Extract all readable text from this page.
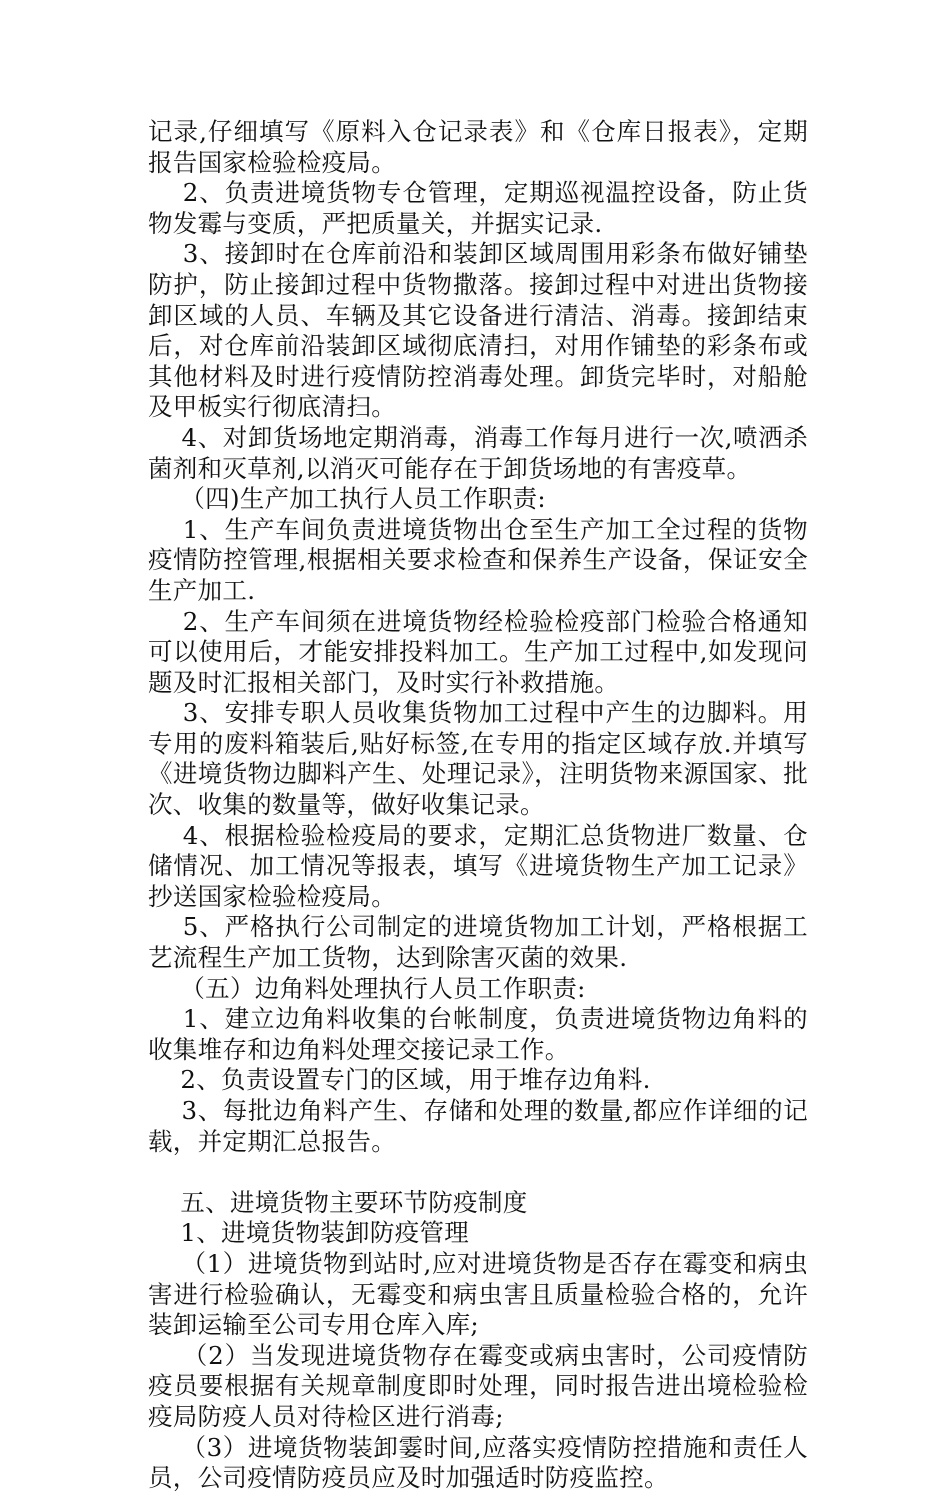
记录,仔细填写《原料入仓记录表》和《仓库日报表》，定期报告国家检验检疫局。

2、负责进境货物专仓管理，定期巡视温控设备，防止货物发霉与变质，严把质量关，并据实记录.

3、接卸时在仓库前沿和装卸区域周围用彩条布做好铺垫防护，防止接卸过程中货物撒落。接卸过程中对进出货物接卸区域的人员、车辆及其它设备进行清洁、消毒。接卸结束后，对仓库前沿装卸区域彻底清扫，对用作铺垫的彩条布或其他材料及时进行疫情防控消毒处理。卸货完毕时，对船舱及甲板实行彻底清扫。

4、对卸货场地定期消毒，消毒工作每月进行一次,喷洒杀菌剂和灭草剂,以消灭可能存在于卸货场地的有害疫草。

（四)生产加工执行人员工作职责:

1、生产车间负责进境货物出仓至生产加工全过程的货物疫情防控管理,根据相关要求检查和保养生产设备，保证安全生产加工.

2、生产车间须在进境货物经检验检疫部门检验合格通知可以使用后，才能安排投料加工。生产加工过程中,如发现问题及时汇报相关部门，及时实行补救措施。

3、安排专职人员收集货物加工过程中产生的边脚料。用专用的废料箱装后,贴好标签,在专用的指定区域存放.并填写《进境货物边脚料产生、处理记录》，注明货物来源国家、批次、收集的数量等，做好收集记录。

4、根据检验检疫局的要求，定期汇总货物进厂数量、仓储情况、加工情况等报表，填写《进境货物生产加工记录》抄送国家检验检疫局。

5、严格执行公司制定的进境货物加工计划，严格根据工艺流程生产加工货物，达到除害灭菌的效果.

（五）边角料处理执行人员工作职责:

1、建立边角料收集的台帐制度，负责进境货物边角料的收集堆存和边角料处理交接记录工作。

2、负责设置专门的区域，用于堆存边角料.

3、每批边角料产生、存储和处理的数量,都应作详细的记载，并定期汇总报告。

五、进境货物主要环节防疫制度

1、进境货物装卸防疫管理

（1）进境货物到站时,应对进境货物是否存在霉变和病虫害进行检验确认，无霉变和病虫害且质量检验合格的，允许装卸运输至公司专用仓库入库;

（2）当发现进境货物存在霉变或病虫害时，公司疫情防疫员要根据有关规章制度即时处理，同时报告进出境检验检疫局防疫人员对待检区进行消毒;

（3）进境货物装卸霎时间,应落实疫情防控措施和责任人员，公司疫情防疫员应及时加强适时防疫监控。
